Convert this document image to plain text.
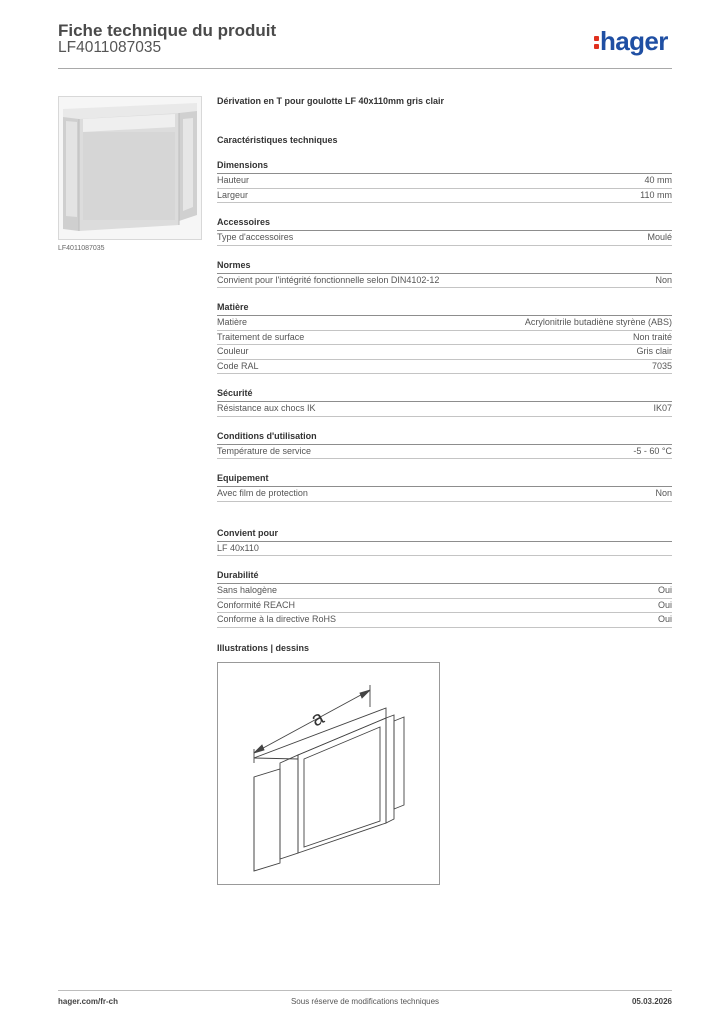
Fiche technique du produit
LF4011087035	hager
LF4011087035
Dérivation en T pour goulotte LF 40x110mm gris clair
Caractéristiques techniques
Dimensions
Hauteur	40 mm
Largeur	110 mm
Accessoires
Type d'accessoires	Moulé
Normes
Convient pour l'intégrité fonctionnelle selon DIN4102-12	Non
Matière
Matière	Acrylonitrile butadiène styrène (ABS)
Traitement de surface	Non traité
Couleur	Gris clair
Code RAL	7035
Sécurité
Résistance aux chocs IK	IK07
Conditions d'utilisation
Température de service	-5 - 60 °C
Equipement
Avec film de protection	Non
Convient pour
LF 40x110
Durabilité
Sans halogène	Oui
Conformité REACH	Oui
Conforme à la directive RoHS	Oui
Illustrations | dessins
a
hager.com/fr-ch	Sous réserve de modifications techniques	05.03.2026
